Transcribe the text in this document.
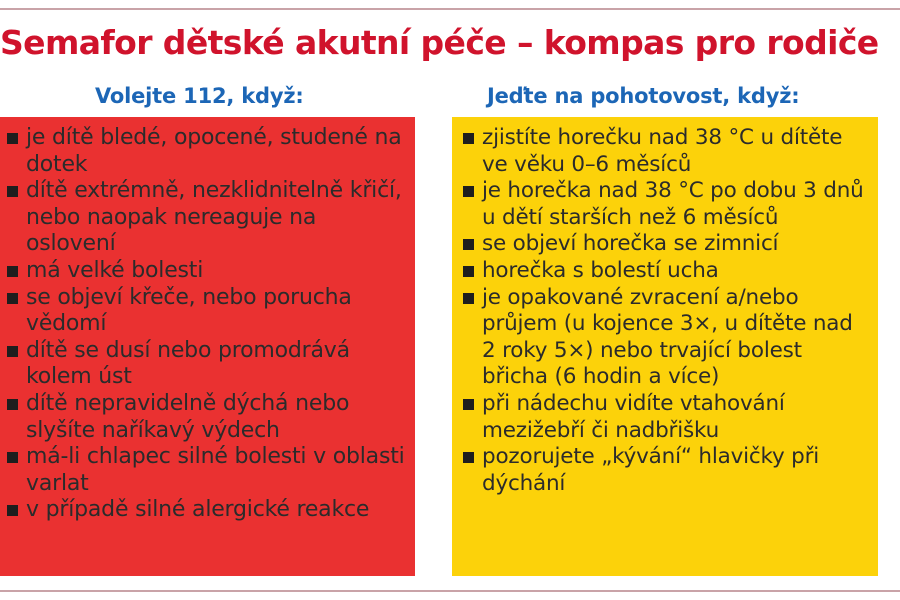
Semafor dětské akutní péče – kompas pro rodiče
Volejte 112, když:	Jeďte na pohotovost, když:
je dítě bledé, opocené, studené na dotek
dítě extrémně, nezklidnitelně křičí, nebo naopak nereaguje na oslovení
má velké bolesti
se objeví křeče, nebo porucha vědomí
dítě se dusí nebo promodrává kolem úst
dítě nepravidelně dýchá nebo slyšíte naříkavý výdech
má-li chlapec silné bolesti v oblasti varlat
v případě silné alergické reakce
zjistíte horečku nad 38 °C u dítěte ve věku 0–6 měsíců
je horečka nad 38 °C po dobu 3 dnů u dětí starších než 6 měsíců
se objeví horečka se zimnicí
horečka s bolestí ucha
je opakované zvracení a/nebo průjem (u kojence 3×, u dítěte nad 2 roky 5×) nebo trvající bolest břicha (6 hodin a více)
při nádechu vidíte vtahování mezižebří či nadbřišku
pozorujete „kývání“ hlavičky při dýchání
